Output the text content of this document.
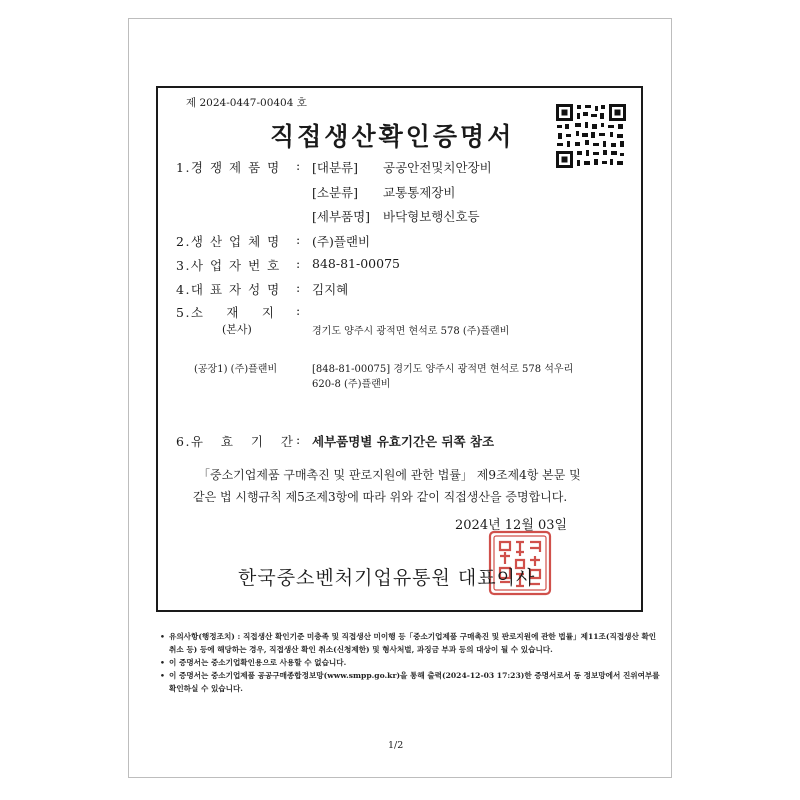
제 2024-0447-00404 호
직접생산확인증명서
1.경 쟁 제 품 명 : [대분류] 공공안전및치안장비
[소분류] 교통통제장비
[세부품명] 바닥형보행신호등
2.생 산 업 체 명 : (주)플랜비
3.사 업 자 번 호 : 848-81-00075
4.대 표 자 성 명 : 김지혜
5.소    재    지 :
(본사)	경기도 양주시 광적면 현석로 578 (주)플랜비
(공장1) (주)플랜비	[848-81-00075] 경기도 양주시 광적면 현석로 578 석우리
620-8 (주)플랜비
6.유   효   기   간 : 세부품명별 유효기간은 뒤쪽 참조
「중소기업제품 구매촉진 및 판로지원에 관한 법률」 제9조제4항 본문 및
같은 법 시행규칙 제5조제3항에 따라 위와 같이 직접생산을 증명합니다.
2024년 12월 03일
한국중소벤처기업유통원 대표이사
• 유의사항(행정조치) : 직접생산 확인기준 미충족 및 직접생산 미이행 등「중소기업제품 구매촉진 및 판로지원에 관한 법률」제11조(직접생산 확인 취소 등) 등에 해당하는 경우, 직접생산 확인 취소(신청제한) 및 형사처벌, 과징금 부과 등의 대상이 될 수 있습니다.
• 이 증명서는 중소기업확인용으로 사용할 수 없습니다.
• 이 증명서는 중소기업제품 공공구매종합정보망(www.smpp.go.kr)을 통해 출력(2024-12-03 17:23)한 증명서로서 동 정보망에서 진위여부를 확인하실 수 있습니다.
1/2
